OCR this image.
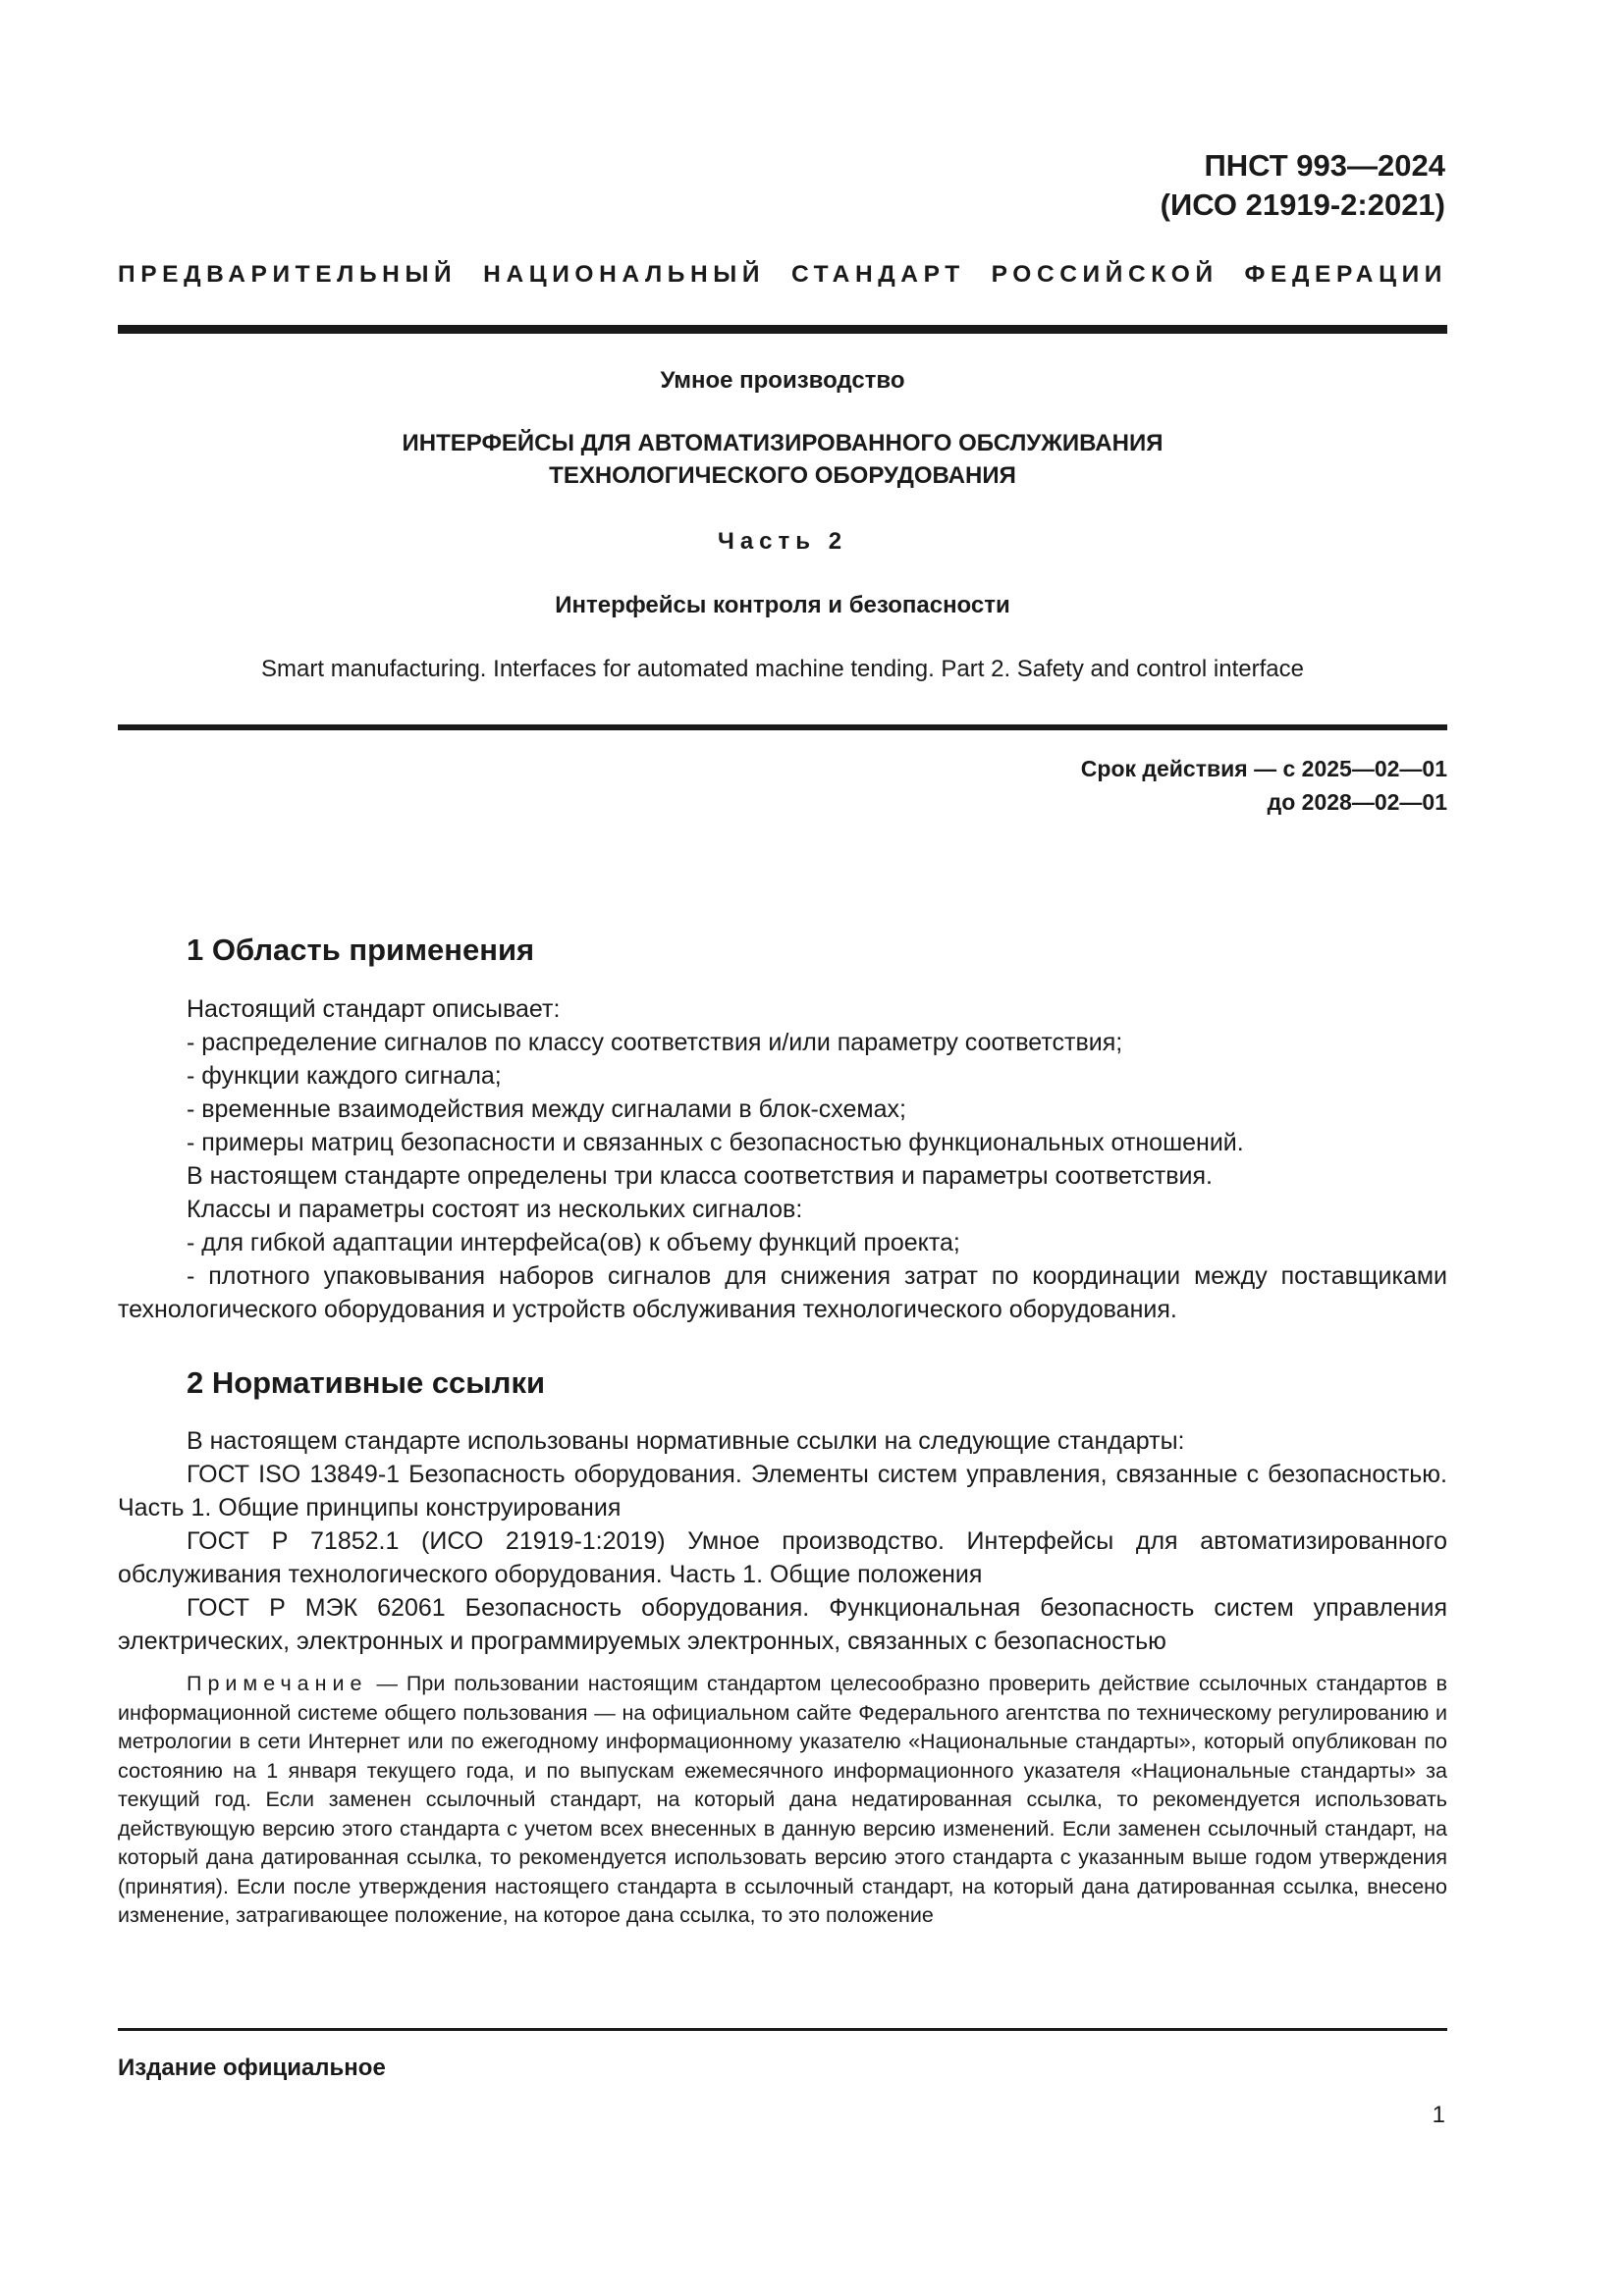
ПНСТ 993—2024
(ИСО 21919-2:2021)
ПРЕДВАРИТЕЛЬНЫЙ НАЦИОНАЛЬНЫЙ СТАНДАРТ РОССИЙСКОЙ ФЕДЕРАЦИИ
Умное производство
ИНТЕРФЕЙСЫ ДЛЯ АВТОМАТИЗИРОВАННОГО ОБСЛУЖИВАНИЯ
ТЕХНОЛОГИЧЕСКОГО ОБОРУДОВАНИЯ
Часть 2
Интерфейсы контроля и безопасности
Smart manufacturing. Interfaces for automated machine tending. Part 2. Safety and control interface
Срок действия — с 2025—02—01
до 2028—02—01
1 Область применения

Настоящий стандарт описывает:

- распределение сигналов по классу соответствия и/или параметру соответствия;

- функции каждого сигнала;

- временные взаимодействия между сигналами в блок-схемах;

- примеры матриц безопасности и связанных с безопасностью функциональных отношений.

В настоящем стандарте определены три класса соответствия и параметры соответствия.

Классы и параметры состоят из нескольких сигналов:

- для гибкой адаптации интерфейса(ов) к объему функций проекта;

- плотного упаковывания наборов сигналов для снижения затрат по координации между поставщиками технологического оборудования и устройств обслуживания технологического оборудования.
2 Нормативные ссылки
В настоящем стандарте использованы нормативные ссылки на следующие стандарты:
ГОСТ ISO 13849-1 Безопасность оборудования. Элементы систем управления, связанные с безопасностью. Часть 1. Общие принципы конструирования
ГОСТ Р 71852.1 (ИСО 21919-1:2019) Умное производство. Интерфейсы для автоматизированного обслуживания технологического оборудования. Часть 1. Общие положения
ГОСТ Р МЭК 62061 Безопасность оборудования. Функциональная безопасность систем управления электрических, электронных и программируемых электронных, связанных с безопасностью
Примечание — При пользовании настоящим стандартом целесообразно проверить действие ссылочных стандартов в информационной системе общего пользования — на официальном сайте Федерального агентства по техническому регулированию и метрологии в сети Интернет или по ежегодному информационному указателю «Национальные стандарты», который опубликован по состоянию на 1 января текущего года, и по выпускам ежемесячного информационного указателя «Национальные стандарты» за текущий год. Если заменен ссылочный стандарт, на который дана недатированная ссылка, то рекомендуется использовать действующую версию этого стандарта с учетом всех внесенных в данную версию изменений. Если заменен ссылочный стандарт, на который дана датированная ссылка, то рекомендуется использовать версию этого стандарта с указанным выше годом утверждения (принятия). Если после утверждения настоящего стандарта в ссылочный стандарт, на который дана датированная ссылка, внесено изменение, затрагивающее положение, на которое дана ссылка, то это положение
Издание официальное
1
